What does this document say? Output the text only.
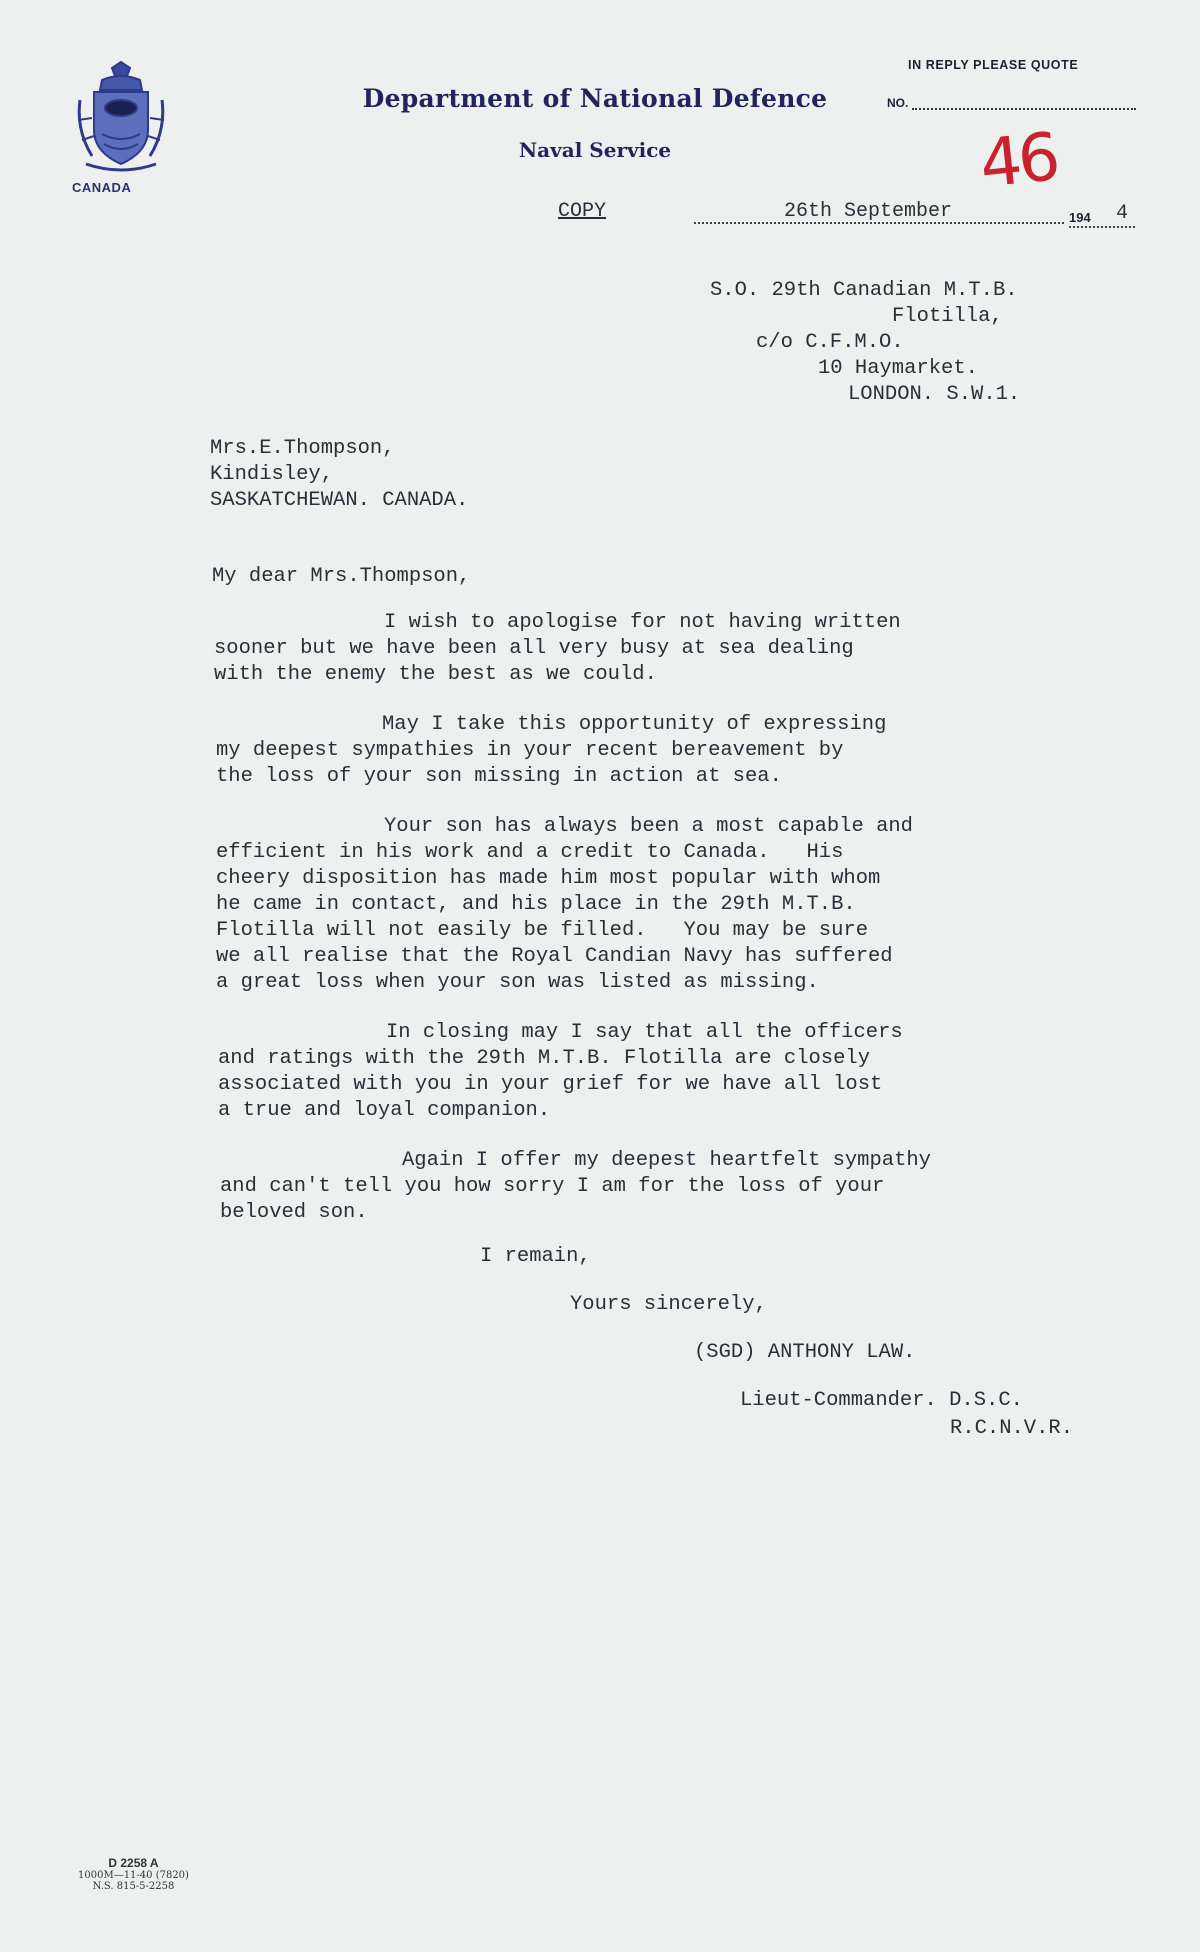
CANADA
Department of National Defence
Naval Service
IN REPLY PLEASE QUOTE
NO.
46
COPY	26th September	194 4
S.O. 29th Canadian M.T.B.
Flotilla,
c/o C.F.M.O.
10 Haymarket.
LONDON. S.W.1.
Mrs.E.Thompson,
Kindisley,
SASKATCHEWAN. CANADA.
My dear Mrs.Thompson,
I wish to apologise for not having written
sooner but we have been all very busy at sea dealing
with the enemy the best as we could.
May I take this opportunity of expressing
my deepest sympathies in your recent bereavement by
the loss of your son missing in action at sea.
Your son has always been a most capable and
efficient in his work and a credit to Canada.   His
cheery disposition has made him most popular with whom
he came in contact, and his place in the 29th M.T.B.
Flotilla will not easily be filled.   You may be sure
we all realise that the Royal Candian Navy has suffered
a great loss when your son was listed as missing.
In closing may I say that all the officers
and ratings with the 29th M.T.B. Flotilla are closely
associated with you in your grief for we have all lost
a true and loyal companion.
Again I offer my deepest heartfelt sympathy
and can't tell you how sorry I am for the loss of your
beloved son.
I remain,
Yours sincerely,
(SGD) ANTHONY LAW.
Lieut-Commander. D.S.C.
R.C.N.V.R.
D 2258 A
1000M—11-40 (7820)
N.S. 815-5-2258
